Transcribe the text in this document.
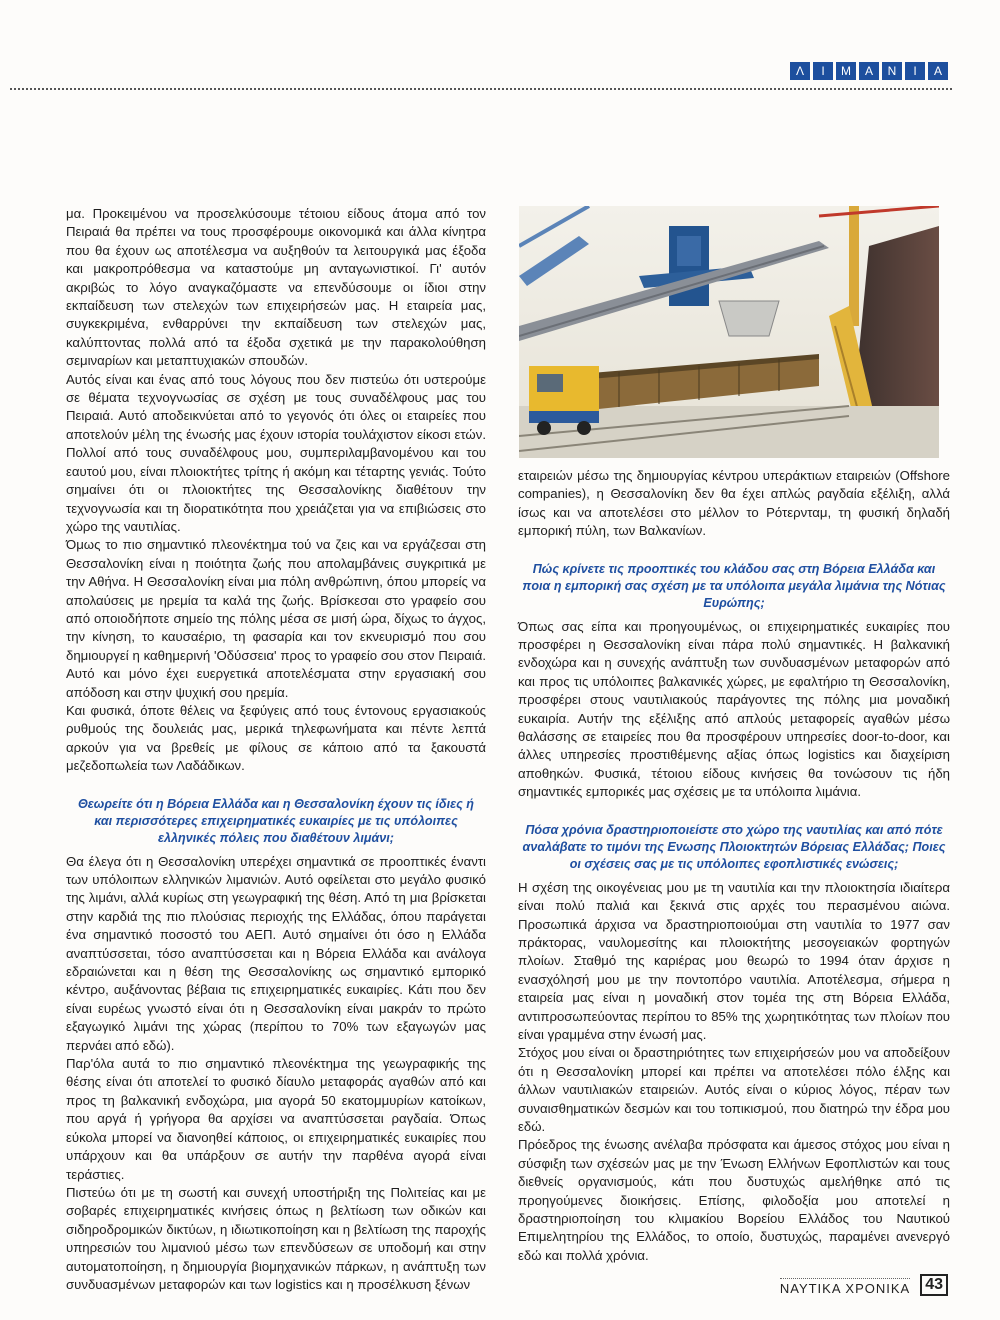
Λ	Ι	Μ	Α	Ν	Ι	Α

μα. Προκειμένου να προσελκύσουμε τέτοιου είδους άτομα από τον Πειραιά θα πρέπει να τους προσφέρουμε οικονομικά και άλλα κίνητρα που θα έχουν ως αποτέλεσμα να αυξηθούν τα λειτουργικά μας έξοδα και μακροπρόθεσμα να καταστούμε μη ανταγωνιστικοί. Γι' αυτόν ακριβώς το λόγο αναγκαζόμαστε να επενδύσουμε οι ίδιοι στην εκπαίδευση των στελεχών των επιχειρήσεών μας. Η εταιρεία μας, συγκεκριμένα, ενθαρρύνει την εκπαίδευση των στελεχών μας, καλύπτοντας πολλά από τα έξοδα σχετικά με την παρακολούθηση σεμιναρίων και μεταπτυχιακών σπουδών.

Αυτός είναι και ένας από τους λόγους που δεν πιστεύω ότι υστερούμε σε θέματα τεχνογνωσίας σε σχέση με τους συναδέλφους μας του Πειραιά. Αυτό αποδεικνύεται από το γεγονός ότι όλες οι εταιρείες που αποτελούν μέλη της ένωσής μας έχουν ιστορία τουλάχιστον είκοσι ετών. Πολλοί από τους συναδέλφους μου, συμπεριλαμβανομένου και του εαυτού μου, είναι πλοιοκτήτες τρίτης ή ακόμη και τέταρτης γενιάς. Τούτο σημαίνει ότι οι πλοιοκτήτες της Θεσσαλονίκης διαθέτουν την τεχνογνωσία και τη διορατικότητα που χρειάζεται για να επιβιώσεις στο χώρο της ναυτιλίας.

Όμως το πιο σημαντικό πλεονέκτημα τού να ζεις και να εργάζεσαι στη Θεσσαλονίκη είναι η ποιότητα ζωής που απολαμβάνεις συγκριτικά με την Αθήνα. Η Θεσσαλονίκη είναι μια πόλη ανθρώπινη, όπου μπορείς να απολαύσεις με ηρεμία τα καλά της ζωής. Βρίσκεσαι στο γραφείο σου από οποιοδήποτε σημείο της πόλης μέσα σε μισή ώρα, δίχως το άγχος, την κίνηση, το καυσαέριο, τη φασαρία και τον εκνευρισμό που σου δημιουργεί η καθημερινή 'Οδύσσεια' προς το γραφείο σου στον Πειραιά. Αυτό και μόνο έχει ευεργετικά αποτελέσματα στην εργασιακή σου απόδοση και στην ψυχική σου ηρεμία.

Και φυσικά, όποτε θέλεις να ξεφύγεις από τους έντονους εργασιακούς ρυθμούς της δουλειάς μας, μερικά τηλεφωνήματα και πέντε λεπτά αρκούν για να βρεθείς με φίλους σε κάποιο από τα ξακουστά μεζεδοπωλεία των Λαδάδικων.

Θεωρείτε ότι η Βόρεια Ελλάδα και η Θεσσαλονίκη έχουν τις ίδιες ή και περισσότερες επιχειρηματικές ευκαιρίες με τις υπόλοιπες ελληνικές πόλεις που διαθέτουν λιμάνι;

Θα έλεγα ότι η Θεσσαλονίκη υπερέχει σημαντικά σε προοπτικές έναντι των υπόλοιπων ελληνικών λιμανιών. Αυτό οφείλεται στο μεγάλο φυσικό της λιμάνι, αλλά κυρίως στη γεωγραφική της θέση. Από τη μια βρίσκεται στην καρδιά της πιο πλούσιας περιοχής της Ελλάδας, όπου παράγεται ένα σημαντικό ποσοστό του ΑΕΠ. Αυτό σημαίνει ότι όσο η Ελλάδα αναπτύσσεται, τόσο αναπτύσσεται και η Βόρεια Ελλάδα και ανάλογα εδραιώνεται και η θέση της Θεσσαλονίκης ως σημαντικό εμπορικό κέντρο, αυξάνοντας βέβαια τις επιχειρηματικές ευκαιρίες. Κάτι που δεν είναι ευρέως γνωστό είναι ότι η Θεσσαλονίκη είναι μακράν το πρώτο εξαγωγικό λιμάνι της χώρας (περίπου το 70% των εξαγωγών μας περνάει από εδώ).

Παρ'όλα αυτά το πιο σημαντικό πλεονέκτημα της γεωγραφικής της θέσης είναι ότι αποτελεί το φυσικό δίαυλο μεταφοράς αγαθών από και προς τη βαλκανική ενδοχώρα, μια αγορά 50 εκατομμυρίων κατοίκων, που αργά ή γρήγορα θα αρχίσει να αναπτύσσεται ραγδαία. Όπως εύκολα μπορεί να διανοηθεί κάποιος, οι επιχειρηματικές ευκαιρίες που υπάρχουν και θα υπάρξουν σε αυτήν την παρθένα αγορά είναι τεράστιες.

Πιστεύω ότι με τη σωστή και συνεχή υποστήριξη της Πολιτείας και με σοβαρές επιχειρηματικές κινήσεις όπως η βελτίωση των οδικών και σιδηροδρομικών δικτύων, η ιδιωτικοποίηση και η βελτίωση της παροχής υπηρεσιών του λιμανιού μέσω των επενδύσεων σε υποδομή και στην αυτοματοποίηση, η δημιουργία βιομηχανικών πάρκων, η ανάπτυξη των συνδυασμένων μεταφορών και των logistics και η προσέλκυση ξένων

εταιρειών μέσω της δημιουργίας κέντρου υπεράκτιων εταιρειών (Offshore companies), η Θεσσαλονίκη δεν θα έχει απλώς ραγδαία εξέλιξη, αλλά ίσως και να αποτελέσει στο μέλλον το Ρότερνταμ, τη φυσική δηλαδή εμπορική πύλη, των Βαλκανίων.

Πώς κρίνετε τις προοπτικές του κλάδου σας στη Βόρεια Ελλάδα και ποια η εμπορική σας σχέση με τα υπόλοιπα μεγάλα λιμάνια της Νότιας Ευρώπης;

Όπως σας είπα και προηγουμένως, οι επιχειρηματικές ευκαιρίες που προσφέρει η Θεσσαλονίκη είναι πάρα πολύ σημαντικές. Η βαλκανική ενδοχώρα και η συνεχής ανάπτυξη των συνδυασμένων μεταφορών από και προς τις υπόλοιπες βαλκανικές χώρες, με εφαλτήριο τη Θεσσαλονίκη, προσφέρει στους ναυτιλιακούς παράγοντες της πόλης μια μοναδική ευκαιρία. Αυτήν της εξέλιξης από απλούς μεταφορείς αγαθών μέσω θαλάσσης σε εταιρείες που θα προσφέρουν υπηρεσίες door-to-door, και άλλες υπηρεσίες προστιθέμενης αξίας όπως logistics και διαχείριση αποθηκών. Φυσικά, τέτοιου είδους κινήσεις θα τονώσουν τις ήδη σημαντικές εμπορικές μας σχέσεις με τα υπόλοιπα λιμάνια.

Πόσα χρόνια δραστηριοποιείστε στο χώρο της ναυτιλίας και από πότε αναλάβατε το τιμόνι της Ενωσης Πλοιοκτητών Βόρειας Ελλάδας; Ποιες οι σχέσεις σας με τις υπόλοιπες εφοπλιστικές ενώσεις;

Η σχέση της οικογένειας μου με τη ναυτιλία και την πλοιοκτησία ιδιαίτερα είναι πολύ παλιά και ξεκινά στις αρχές του περασμένου αιώνα. Προσωπικά άρχισα να δραστηριοποιούμαι στη ναυτιλία το 1977 σαν πράκτορας, ναυλομεσίτης και πλοιοκτήτης μεσογειακών φορτηγών πλοίων. Σταθμό της καριέρας μου θεωρώ το 1994 όταν άρχισε η ενασχόλησή μου με την ποντοπόρο ναυτιλία. Αποτέλεσμα, σήμερα η εταιρεία μας είναι η μοναδική στον τομέα της στη Βόρεια Ελλάδα, αντιπροσωπεύοντας περίπου το 85% της χωρητικότητας των πλοίων που είναι γραμμένα στην ένωσή μας.

Στόχος μου είναι οι δραστηριότητες των επιχειρήσεών μου να αποδείξουν ότι η Θεσσαλονίκη μπορεί και πρέπει να αποτελέσει πόλο έλξης και άλλων ναυτιλιακών εταιρειών. Αυτός είναι ο κύριος λόγος, πέραν των συναισθηματικών δεσμών και του τοπικισμού, που διατηρώ την έδρα μου εδώ.

Πρόεδρος της ένωσης ανέλαβα πρόσφατα και άμεσος στόχος μου είναι η σύσφιξη των σχέσεών μας με την Ένωση Ελλήνων Εφοπλιστών και τους διεθνείς οργανισμούς, κάτι που δυστυχώς αμελήθηκε από τις προηγούμενες διοικήσεις. Επίσης, φιλοδοξία μου αποτελεί η δραστηριοποίηση του κλιμακίου Βορείου Ελλάδος του Ναυτικού Επιμελητηρίου της Ελλάδος, το οποίο, δυστυχώς, παραμένει ανενεργό εδώ και πολλά χρόνια.

ΝΑΥΤΙΚΑ ΧΡΟΝΙΚΑ 43
